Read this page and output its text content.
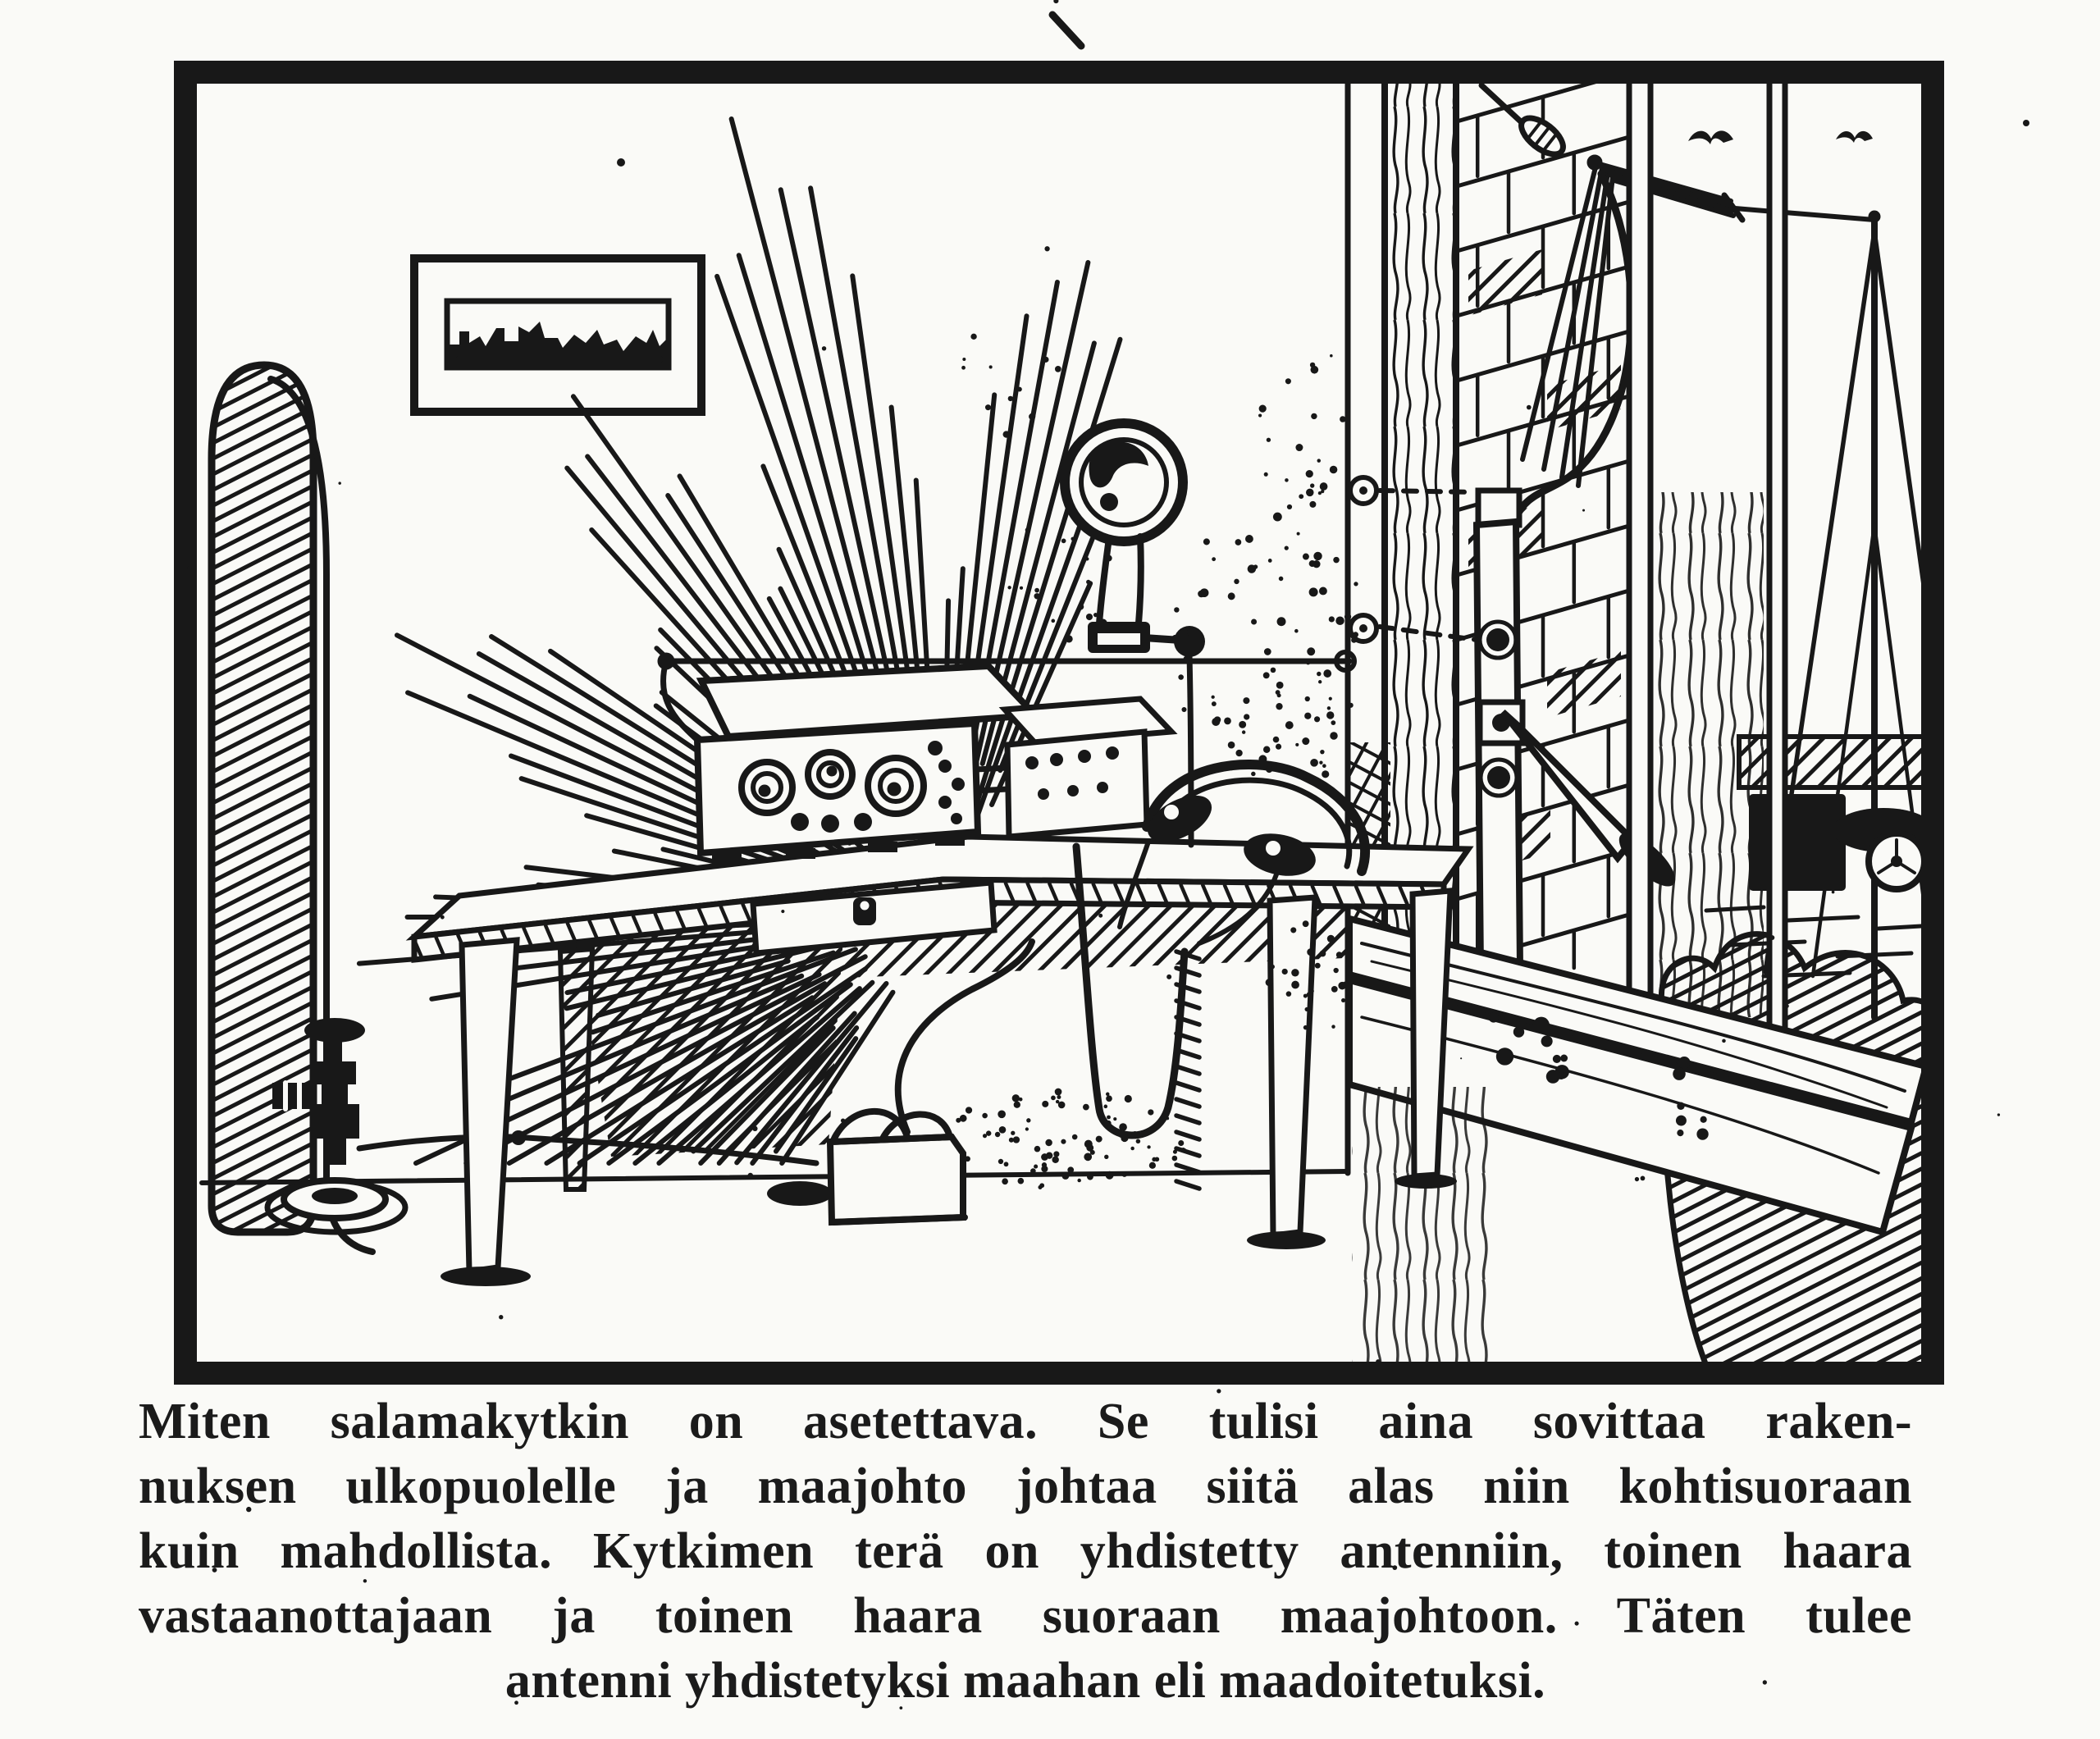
Miten salamakytkin on asetettava. Se tulisi aina sovittaa raken-
nuksen ulkopuolelle ja maajohto johtaa siitä alas niin kohtisuoraan
kuin mahdollista. Kytkimen terä on yhdistetty antenniin, toinen haara
vastaanottajaan ja toinen haara suoraan maajohtoon. Täten tulee
antenni yhdistetyksi maahan eli maadoitetuksi.
